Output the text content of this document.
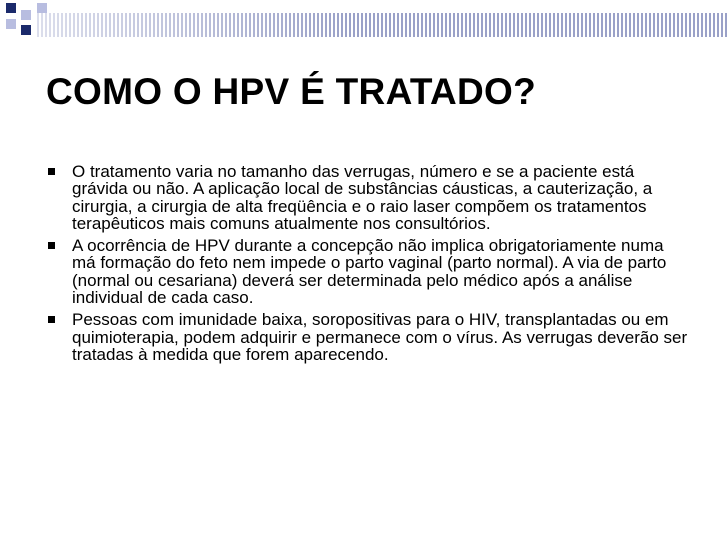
COMO O HPV É TRATADO?
O tratamento varia no tamanho das verrugas, número e se a paciente está grávida ou não. A aplicação local de substâncias cáusticas, a cauterização, a cirurgia, a cirurgia de alta freqüência e o raio laser compõem os tratamentos terapêuticos mais comuns atualmente nos consultórios.
A ocorrência de HPV durante a concepção não implica obrigatoriamente numa má formação do feto nem impede o parto vaginal (parto normal). A via de parto (normal ou cesariana) deverá ser determinada pelo médico após a análise individual de cada caso.
Pessoas com imunidade baixa, soropositivas para o HIV, transplantadas ou em quimioterapia, podem adquirir e permanece com o vírus. As verrugas deverão ser tratadas à medida que forem aparecendo.
